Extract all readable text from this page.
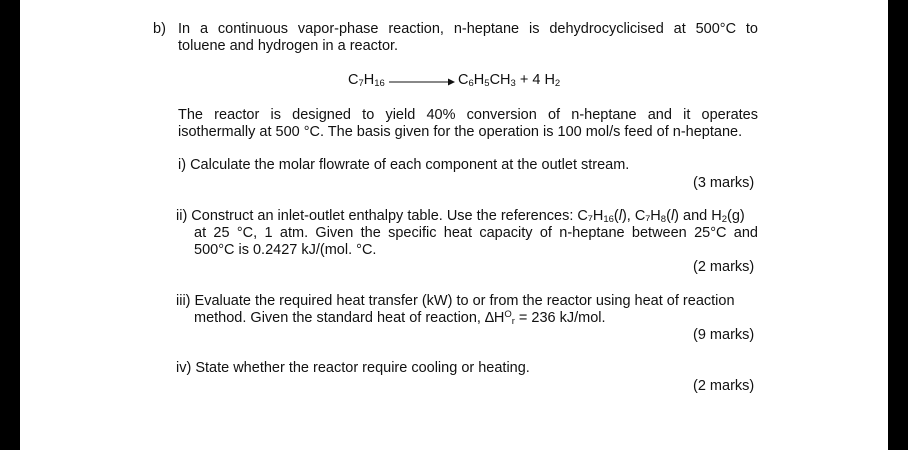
b) In a continuous vapor-phase reaction, n-heptane is dehydrocyclicised at 500°C to
toluene and hydrogen in a reactor.
$C_7H_{16}$	$C_6H_5CH_3 + 4$ $H_2$
The reactor is designed to yield 40% conversion of n-heptane and it operates
isothermally at 500 °C. The basis given for the operation is 100 mol/s feed of n-heptane.
i) Calculate the molar flowrate of each component at the outlet stream.
(3 marks)
ii) Construct an inlet-outlet enthalpy table. Use the references: $C_7H_{16}(l)$, $C_7H_8(l)$ and $H_2(g)$
at 25 °C, 1 atm. Given the specific heat capacity of n-heptane between 25°C and
500°C is 0.2427 kJ/(mol. °C.
(2 marks)
iii) Evaluate the required heat transfer (kW) to or from the reactor using heat of reaction
method. Given the standard heat of reaction, $\Delta H^O_r = 236$ kJ/mol.
(9 marks)
iv) State whether the reactor require cooling or heating.
(2 marks)
